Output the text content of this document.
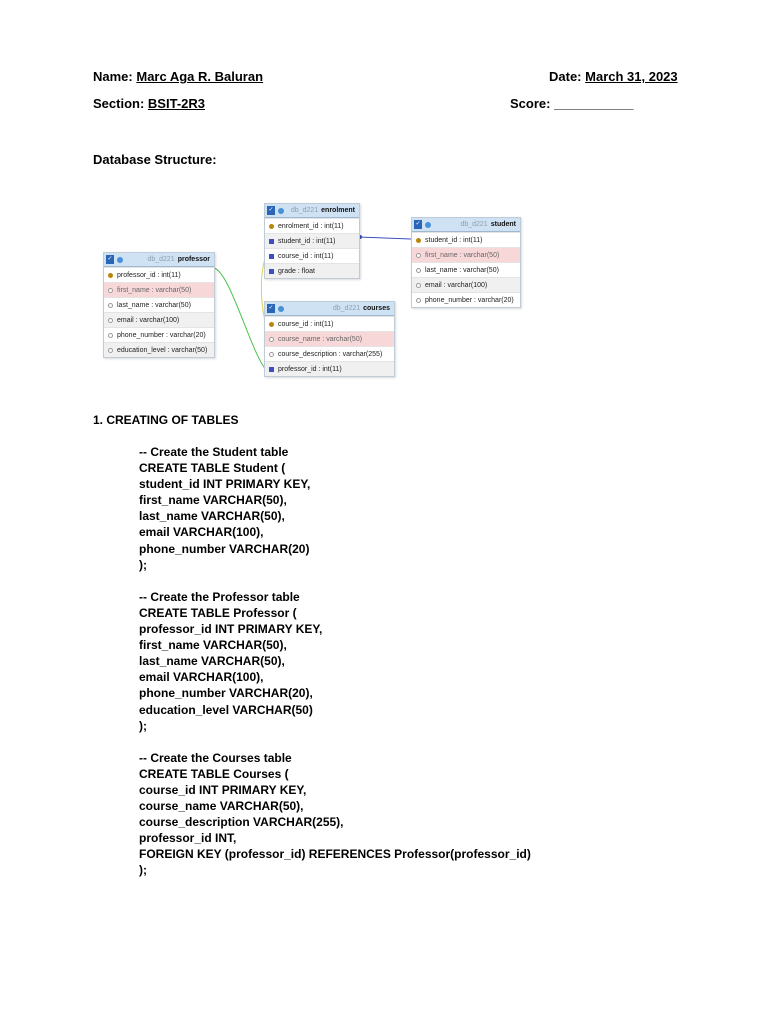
Name: Marc Aga R. Baluran	Date: March 31, 2023
Section: BSIT-2R3	Score: ___________
Database Structure:
✓	db_d221 professor
professor_id : int(11)
first_name : varchar(50)
last_name : varchar(50)
email : varchar(100)
phone_number : varchar(20)
education_level : varchar(50)
✓ db_d221 enrolment
enrolment_id : int(11)
student_id : int(11)
course_id : int(11)
grade : float
✓	db_d221 courses
course_id : int(11)
course_name : varchar(50)
course_description : varchar(255)
professor_id : int(11)
✓	db_d221 student
student_id : int(11)
first_name : varchar(50)
last_name : varchar(50)
email : varchar(100)
phone_number : varchar(20)
1. CREATING OF TABLES
-- Create the Student table
CREATE TABLE Student (
student_id INT PRIMARY KEY,
first_name VARCHAR(50),
last_name VARCHAR(50),
email VARCHAR(100),
phone_number VARCHAR(20)
);
-- Create the Professor table
CREATE TABLE Professor (
professor_id INT PRIMARY KEY,
first_name VARCHAR(50),
last_name VARCHAR(50),
email VARCHAR(100),
phone_number VARCHAR(20),
education_level VARCHAR(50)
);
-- Create the Courses table
CREATE TABLE Courses (
course_id INT PRIMARY KEY,
course_name VARCHAR(50),
course_description VARCHAR(255),
professor_id INT,
FOREIGN KEY (professor_id) REFERENCES Professor(professor_id)
);
